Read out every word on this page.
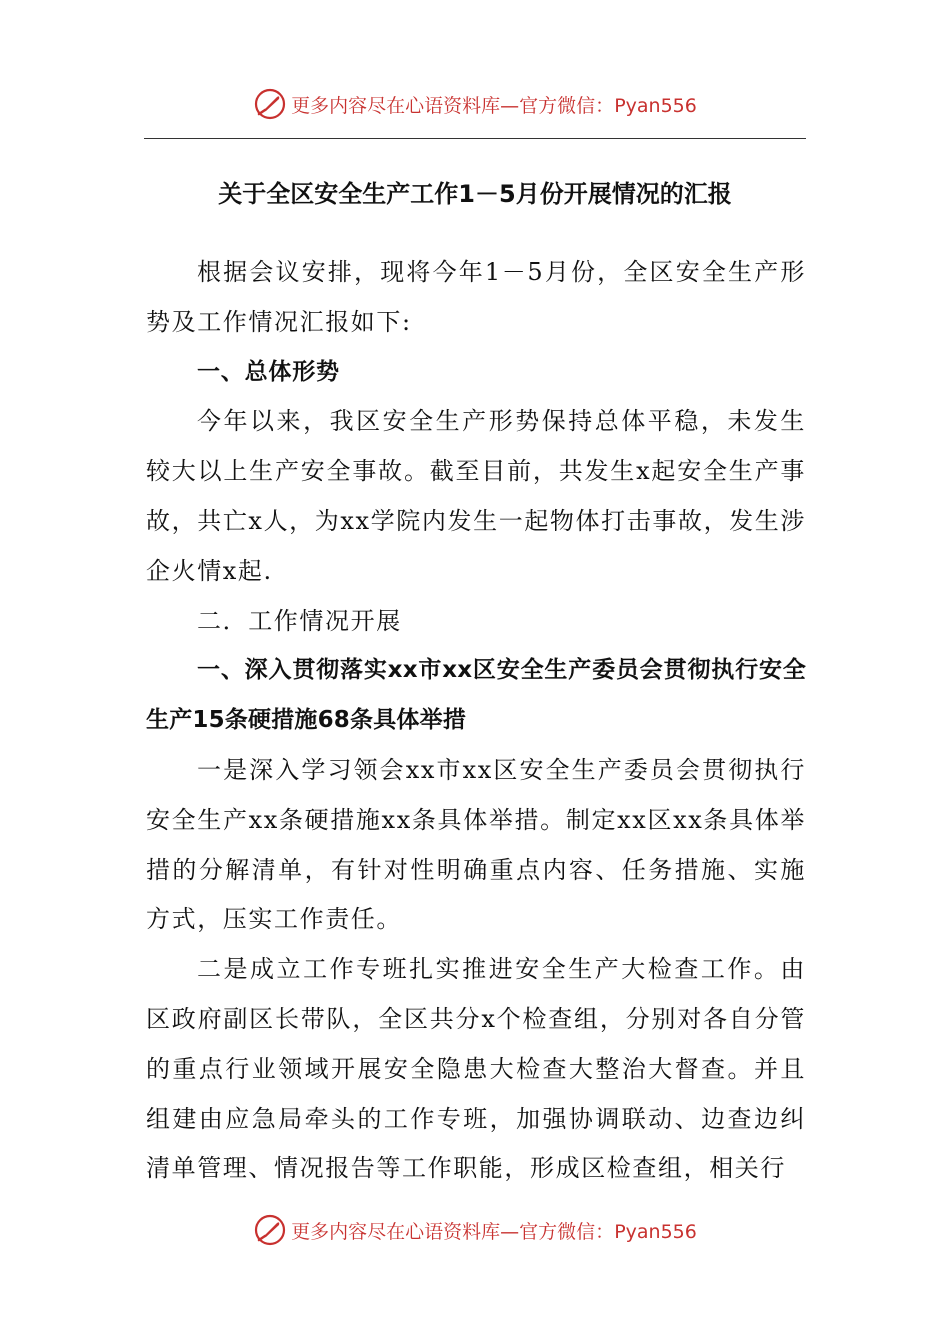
更多内容尽在心语资料库—官方微信：Pyan556
关于全区安全生产工作1－5月份开展情况的汇报

根据会议安排，现将今年1－5月份，全区安全生产形势及工作情况汇报如下:

一、总体形势

今年以来，我区安全生产形势保持总体平稳，未发生较大以上生产安全事故。截至目前，共发生x起安全生产事故，共亡x人，为xx学院内发生一起物体打击事故，发生涉企火情x起.

二．工作情况开展

一、深入贯彻落实xx市xx区安全生产委员会贯彻执行安全生产15条硬措施68条具体举措

一是深入学习领会xx市xx区安全生产委员会贯彻执行安全生产xx条硬措施xx条具体举措。制定xx区xx条具体举措的分解清单，有针对性明确重点内容、任务措施、实施方式，压实工作责任。

二是成立工作专班扎实推进安全生产大检查工作。由区政府副区长带队，全区共分x个检查组，分别对各自分管的重点行业领域开展安全隐患大检查大整治大督查。并且组建由应急局牵头的工作专班，加强协调联动、边查边纠清单管理、情况报告等工作职能，形成区检查组，相关行

更多内容尽在心语资料库—官方微信：Pyan556
